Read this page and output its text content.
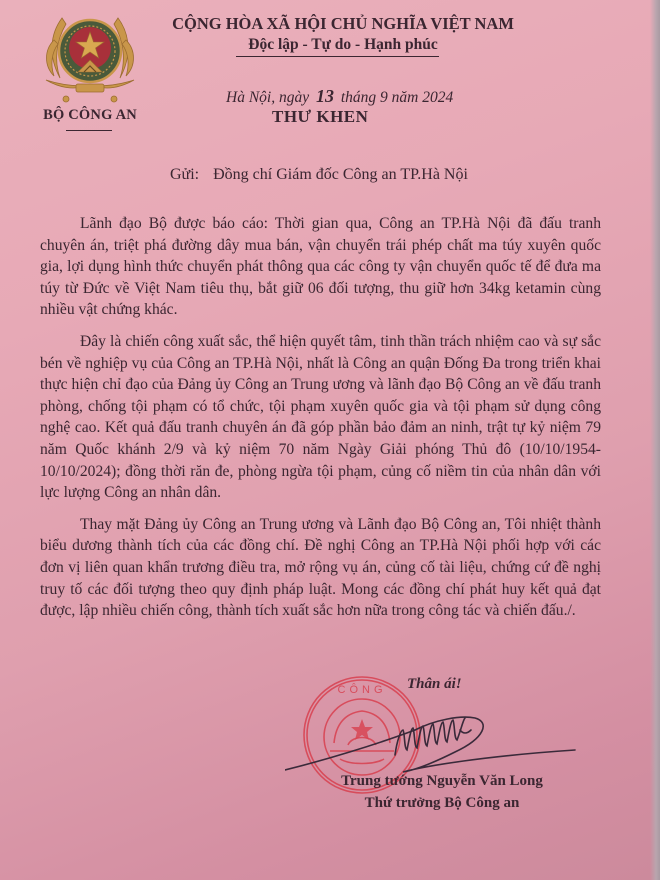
BỘ CÔNG AN
CỘNG HÒA XÃ HỘI CHỦ NGHĨA VIỆT NAM
Độc lập - Tự do - Hạnh phúc
Hà Nội, ngày 13 tháng 9 năm 2024
THƯ KHEN
Gửi: Đồng chí Giám đốc Công an TP.Hà Nội

Lãnh đạo Bộ được báo cáo: Thời gian qua, Công an TP.Hà Nội đã đấu tranh chuyên án, triệt phá đường dây mua bán, vận chuyển trái phép chất ma túy xuyên quốc gia, lợi dụng hình thức chuyển phát thông qua các công ty vận chuyển quốc tế để đưa ma túy từ Đức về Việt Nam tiêu thụ, bắt giữ 06 đối tượng, thu giữ hơn 34kg ketamin cùng nhiều vật chứng khác.

Đây là chiến công xuất sắc, thể hiện quyết tâm, tinh thần trách nhiệm cao và sự sắc bén về nghiệp vụ của Công an TP.Hà Nội, nhất là Công an quận Đống Đa trong triển khai thực hiện chỉ đạo của Đảng ủy Công an Trung ương và lãnh đạo Bộ Công an về đấu tranh phòng, chống tội phạm có tổ chức, tội phạm xuyên quốc gia và tội phạm sử dụng công nghệ cao. Kết quả đấu tranh chuyên án đã góp phần bảo đảm an ninh, trật tự kỷ niệm 79 năm Quốc khánh 2/9 và kỷ niệm 70 năm Ngày Giải phóng Thủ đô (10/10/1954-10/10/2024); đồng thời răn đe, phòng ngừa tội phạm, củng cố niềm tin của nhân dân với lực lượng Công an nhân dân.

Thay mặt Đảng ủy Công an Trung ương và Lãnh đạo Bộ Công an, Tôi nhiệt thành biểu dương thành tích của các đồng chí. Đề nghị Công an TP.Hà Nội phối hợp với các đơn vị liên quan khẩn trương điều tra, mở rộng vụ án, củng cố tài liệu, chứng cứ đề nghị truy tố các đối tượng theo quy định pháp luật. Mong các đồng chí phát huy kết quả đạt được, lập nhiều chiến công, thành tích xuất sắc hơn nữa trong công tác và chiến đấu./.

CÔNG Thân ái!
Trung tướng Nguyễn Văn Long
Thứ trưởng Bộ Công an
